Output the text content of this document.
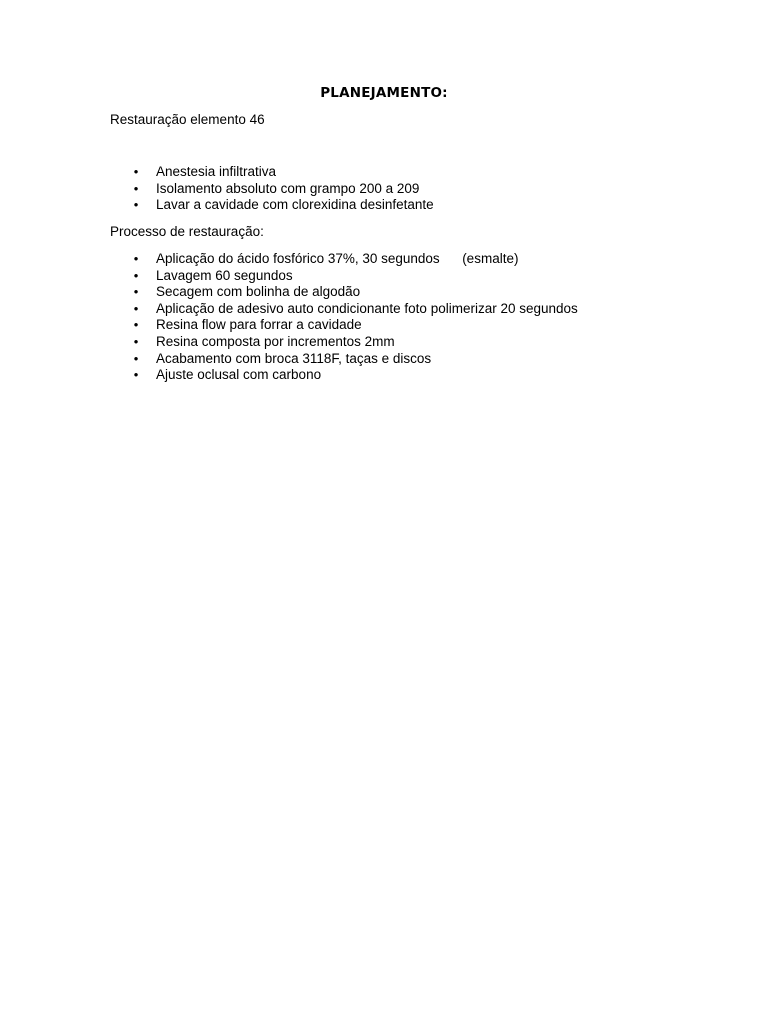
PLANEJAMENTO:
Restauração elemento 46
• Anestesia infiltrativa
• Isolamento absoluto com grampo 200 a 209
• Lavar a cavidade com clorexidina desinfetante
Processo de restauração:
• Aplicação do ácido fosfórico 37%, 30 segundos      (esmalte)
• Lavagem 60 segundos
• Secagem com bolinha de algodão
• Aplicação de adesivo auto condicionante foto polimerizar 20 segundos
• Resina flow para forrar a cavidade
• Resina composta por incrementos 2mm
• Acabamento com broca 3118F, taças e discos
• Ajuste oclusal com carbono
